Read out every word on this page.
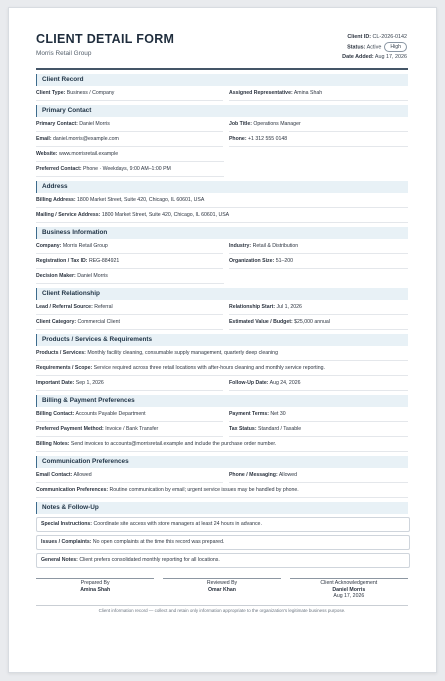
CLIENT DETAIL FORM
Morris Retail Group
Client ID: CL-2026-0142
Status: Active High
Date Added: Aug 17, 2026
Client Record
Client Type: Business / Company	Assigned Representative: Amina Shah
Primary Contact
Primary Contact: Daniel Morris	Job Title: Operations Manager
Email: daniel.morris@example.com	Phone: +1 312 555 0148
Website: www.morrisretail.example
Preferred Contact: Phone · Weekdays, 9:00 AM–1:00 PM
Address
Billing Address: 1800 Market Street, Suite 420, Chicago, IL 60601, USA
Mailing / Service Address: 1800 Market Street, Suite 420, Chicago, IL 60601, USA
Business Information
Company: Morris Retail Group	Industry: Retail & Distribution
Registration / Tax ID: REG-884921	Organization Size: 51–200
Decision Maker: Daniel Morris
Client Relationship
Lead / Referral Source: Referral	Relationship Start: Jul 1, 2026
Client Category: Commercial Client	Estimated Value / Budget: $25,000 annual
Products / Services & Requirements
Products / Services: Monthly facility cleaning, consumable supply management, quarterly deep cleaning
Requirements / Scope: Service required across three retail locations with after-hours cleaning and monthly service reporting.
Important Date: Sep 1, 2026	Follow-Up Date: Aug 24, 2026
Billing & Payment Preferences
Billing Contact: Accounts Payable Department	Payment Terms: Net 30
Preferred Payment Method: Invoice / Bank Transfer	Tax Status: Standard / Taxable
Billing Notes: Send invoices to accounts@morrisretail.example and include the purchase order number.
Communication Preferences
Email Contact: Allowed	Phone / Messaging: Allowed
Communication Preferences: Routine communication by email; urgent service issues may be handled by phone.
Notes & Follow-Up
Special Instructions: Coordinate site access with store managers at least 24 hours in advance.
Issues / Complaints: No open complaints at the time this record was prepared.
General Notes: Client prefers consolidated monthly reporting for all locations.
Prepared By
Amina Shah
Reviewed By
Omar Khan
Client Acknowledgement
Daniel Morris
Aug 17, 2026
Client information record — collect and retain only information appropriate to the organization's legitimate business purpose.
